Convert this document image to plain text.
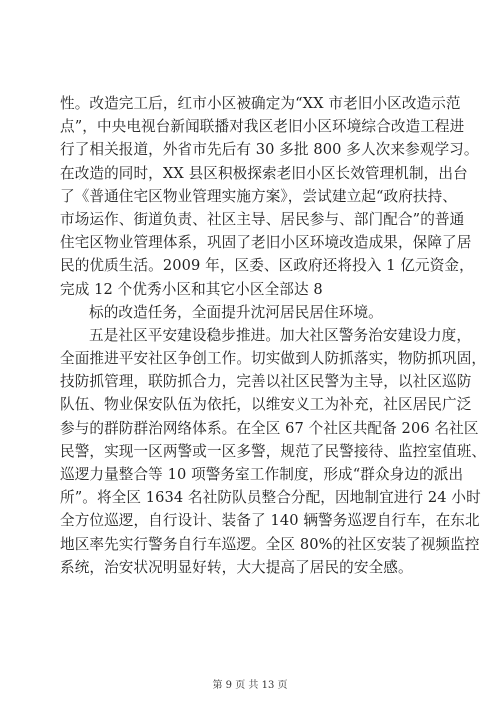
性。改造完工后，红市小区被确定为“XX 市老旧小区改造示范
点”，中央电视台新闻联播对我区老旧小区环境综合改造工程进
行了相关报道，外省市先后有 30 多批 800 多人次来参观学习。
在改造的同时，XX 县区积极探索老旧小区长效管理机制，出台
了《普通住宅区物业管理实施方案》，尝试建立起“政府扶持、
市场运作、街道负责、社区主导、居民参与、部门配合”的普通
住宅区物业管理体系，巩固了老旧小区环境改造成果，保障了居
民的优质生活。2009 年，区委、区政府还将投入 1 亿元资金，
完成 12 个优秀小区和其它小区全部达 8
标的改造任务，全面提升沈河居民居住环境。
五是社区平安建设稳步推进。加大社区警务治安建设力度，
全面推进平安社区争创工作。切实做到人防抓落实，物防抓巩固，
技防抓管理，联防抓合力，完善以社区民警为主导，以社区巡防
队伍、物业保安队伍为依托，以维安义工为补充，社区居民广泛
参与的群防群治网络体系。在全区 67 个社区共配备 206 名社区
民警，实现一区两警或一区多警，规范了民警接待、监控室值班、
巡逻力量整合等 10 项警务室工作制度，形成“群众身边的派出
所”。将全区 1634 名社防队员整合分配，因地制宜进行 24 小时
全方位巡逻，自行设计、装备了 140 辆警务巡逻自行车，在东北
地区率先实行警务自行车巡逻。全区 80%的社区安装了视频监控
系统，治安状况明显好转，大大提高了居民的安全感。
第 9 页 共 13 页
